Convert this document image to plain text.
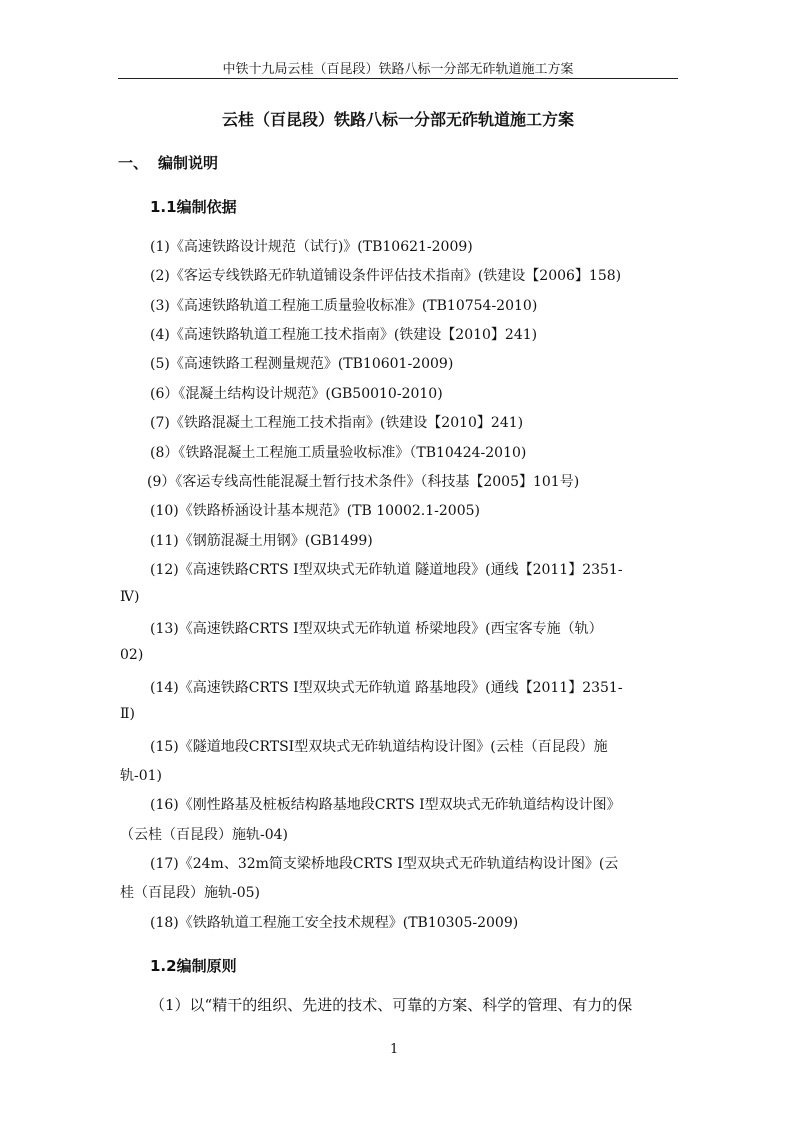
中铁十九局云桂（百昆段）铁路八标一分部无砟轨道施工方案
云桂（百昆段）铁路八标一分部无砟轨道施工方案
一、 编制说明
1.1编制依据
(1)《高速铁路设计规范（试行)》(TB10621-2009)
(2)《客运专线铁路无砟轨道铺设条件评估技术指南》(铁建设【2006】158)
(3)《高速铁路轨道工程施工质量验收标准》(TB10754-2010)
(4)《高速铁路轨道工程施工技术指南》(铁建设【2010】241)
(5)《高速铁路工程测量规范》(TB10601-2009)
(6）《混凝土结构设计规范》(GB50010-2010)
(7)《铁路混凝土工程施工技术指南》(铁建设【2010】241)
(8）《铁路混凝土工程施工质量验收标准》（TB10424-2010)
(9）《客运专线高性能混凝土暂行技术条件》（科技基【2005】101号)
(10)《铁路桥涵设计基本规范》(TB 10002.1-2005)
(11)《钢筋混凝土用钢》(GB1499)
(12)《高速铁路CRTS Ⅰ型双块式无砟轨道 隧道地段》(通线【2011】2351-
Ⅳ)
(13)《高速铁路CRTS Ⅰ型双块式无砟轨道 桥梁地段》(西宝客专施（轨）
02)
(14)《高速铁路CRTS Ⅰ型双块式无砟轨道 路基地段》(通线【2011】2351-
Ⅱ)
(15)《隧道地段CRTSⅠ型双块式无砟轨道结构设计图》(云桂（百昆段）施
轨-01)
(16)《刚性路基及桩板结构路基地段CRTS Ⅰ型双块式无砟轨道结构设计图》
（云桂（百昆段）施轨-04)
(17)《24m、32m简支梁桥地段CRTS Ⅰ型双块式无砟轨道结构设计图》(云
桂（百昆段）施轨-05)
(18)《铁路轨道工程施工安全技术规程》(TB10305-2009)
1.2编制原则
（1）以“精干的组织、先进的技术、可靠的方案、科学的管理、有力的保
1
